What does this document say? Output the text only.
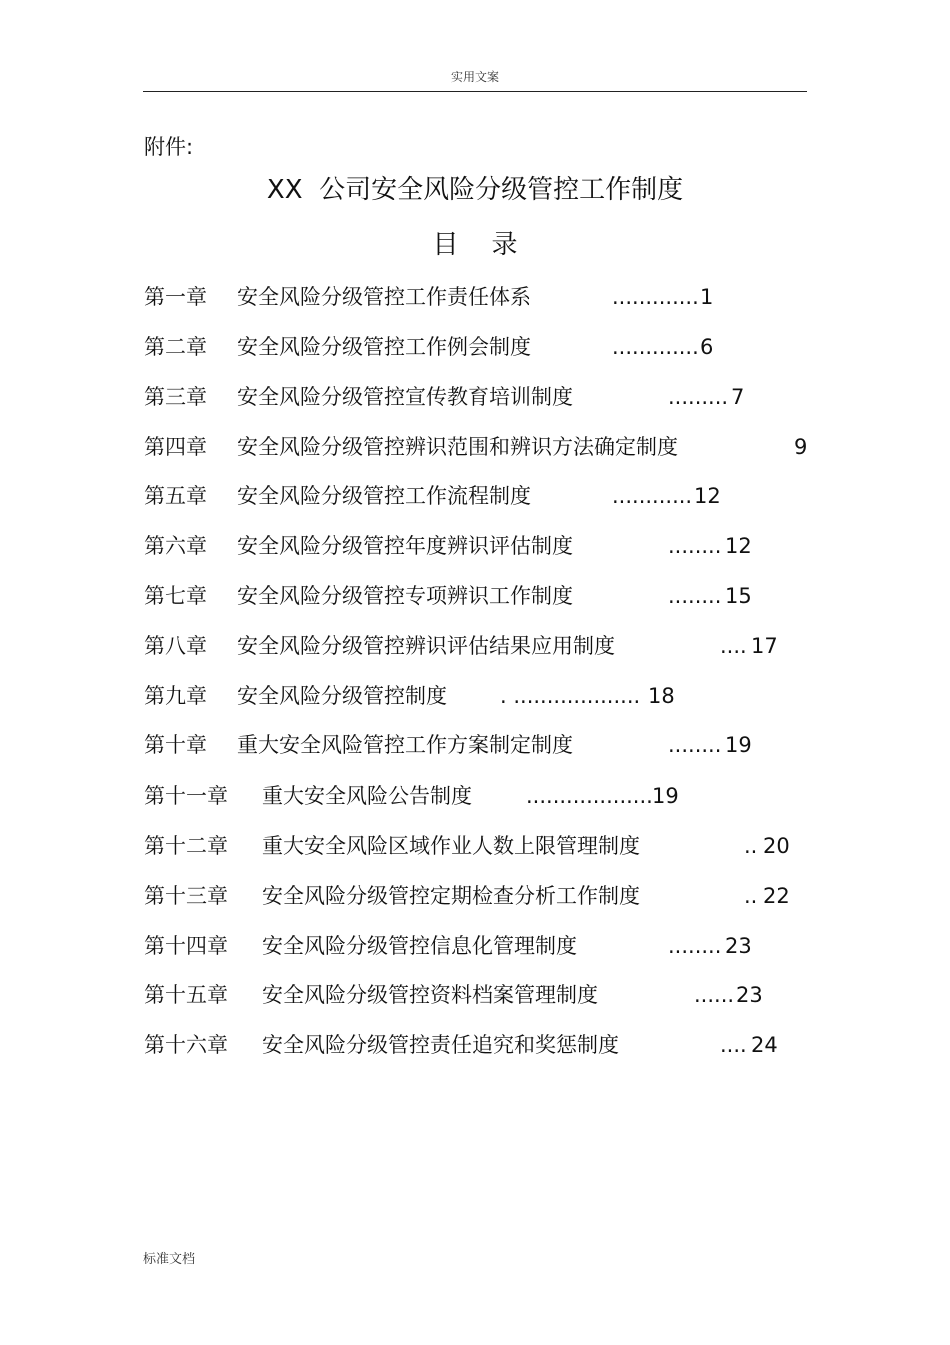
实用文案
附件:
XX  公司安全风险分级管控工作制度
目    录
第一章 安全风险分级管控工作责任体系	............. 1
第二章 安全风险分级管控工作例会制度	............. 6
第三章 安全风险分级管控宣传教育培训制度	......... 7
第四章 安全风险分级管控辨识范围和辨识方法确定制度	9
第五章 安全风险分级管控工作流程制度	............ 12
第六章 安全风险分级管控年度辨识评估制度	........ 12
第七章 安全风险分级管控专项辨识工作制度	........ 15
第八章 安全风险分级管控辨识评估结果应用制度	.... 17
第九章 安全风险分级管控制度	. ................... 18
第十章 重大安全风险管控工作方案制定制度	........ 19
第十一章 重大安全风险公告制度	................... 19
第十二章 重大安全风险区域作业人数上限管理制度	.. 20
第十三章 安全风险分级管控定期检查分析工作制度	.. 22
第十四章 安全风险分级管控信息化管理制度	........ 23
第十五章 安全风险分级管控资料档案管理制度	...... 23
第十六章 安全风险分级管控责任追究和奖惩制度	.... 24
标准文档
